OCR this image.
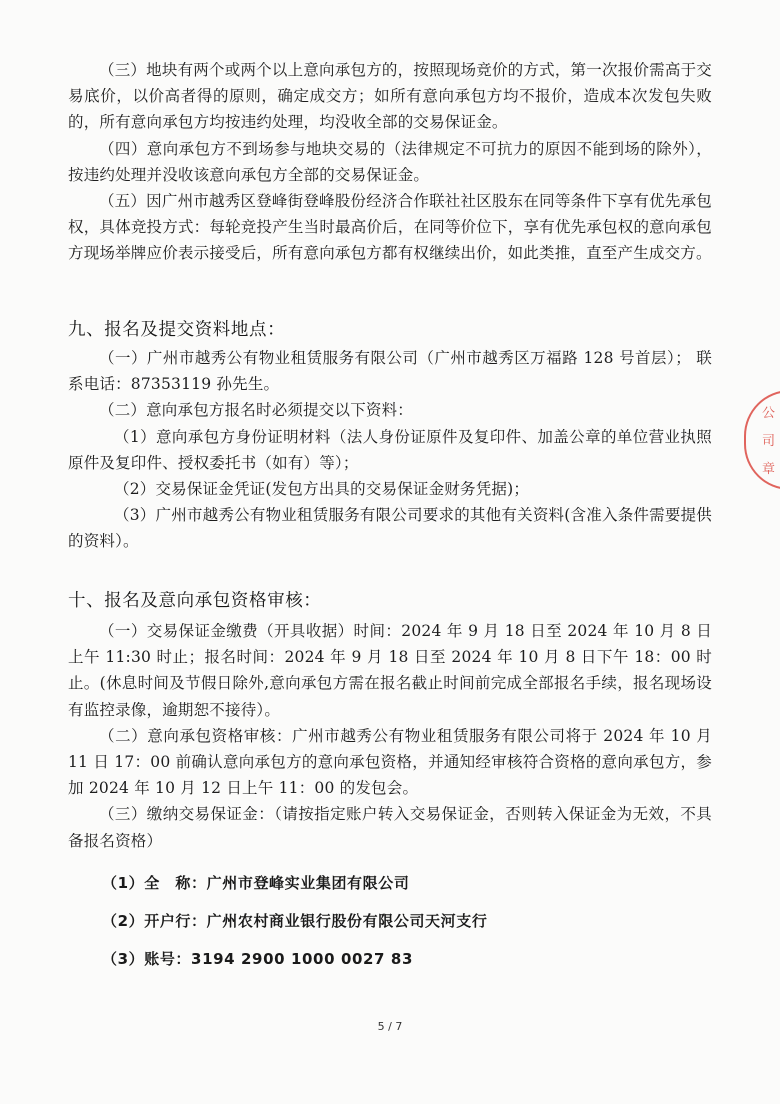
（三）地块有两个或两个以上意向承包方的，按照现场竞价的方式，第一次报价需高于交易底价，以价高者得的原则，确定成交方；如所有意向承包方均不报价，造成本次发包失败的，所有意向承包方均按违约处理，均没收全部的交易保证金。

（四）意向承包方不到场参与地块交易的（法律规定不可抗力的原因不能到场的除外），按违约处理并没收该意向承包方全部的交易保证金。

（五）因广州市越秀区登峰街登峰股份经济合作联社社区股东在同等条件下享有优先承包权，具体竞投方式：每轮竞投产生当时最高价后，在同等价位下，享有优先承包权的意向承包方现场举牌应价表示接受后，所有意向承包方都有权继续出价，如此类推，直至产生成交方。

九、报名及提交资料地点：

（一）广州市越秀公有物业租赁服务有限公司（广州市越秀区万福路 128 号首层）； 联系电话：87353119 孙先生。

（二）意向承包方报名时必须提交以下资料：

（1）意向承包方身份证明材料（法人身份证原件及复印件、加盖公章的单位营业执照原件及复印件、授权委托书（如有）等）；

（2）交易保证金凭证(发包方出具的交易保证金财务凭据)；

（3）广州市越秀公有物业租赁服务有限公司要求的其他有关资料(含准入条件需要提供的资料）。

十、报名及意向承包资格审核：

（一）交易保证金缴费（开具收据）时间：2024 年 9 月 18 日至 2024 年 10 月 8 日上午 11:30 时止；报名时间：2024 年 9 月 18 日至 2024 年 10 月 8 日下午 18：00 时止。(休息时间及节假日除外,意向承包方需在报名截止时间前完成全部报名手续，报名现场设有监控录像，逾期恕不接待）。

（二）意向承包资格审核：广州市越秀公有物业租赁服务有限公司将于 2024 年 10 月 11 日 17：00 前确认意向承包方的意向承包资格，并通知经审核符合资格的意向承包方，参加 2024 年 10 月 12 日上午 11：00 的发包会。

（三）缴纳交易保证金：（请按指定账户转入交易保证金，否则转入保证金为无效，不具备报名资格）

（1）全　称：广州市登峰实业集团有限公司

（2）开户行：广州农村商业银行股份有限公司天河支行

（3）账号：3194 2900 1000 0027 83

5 / 7
公
司
章
